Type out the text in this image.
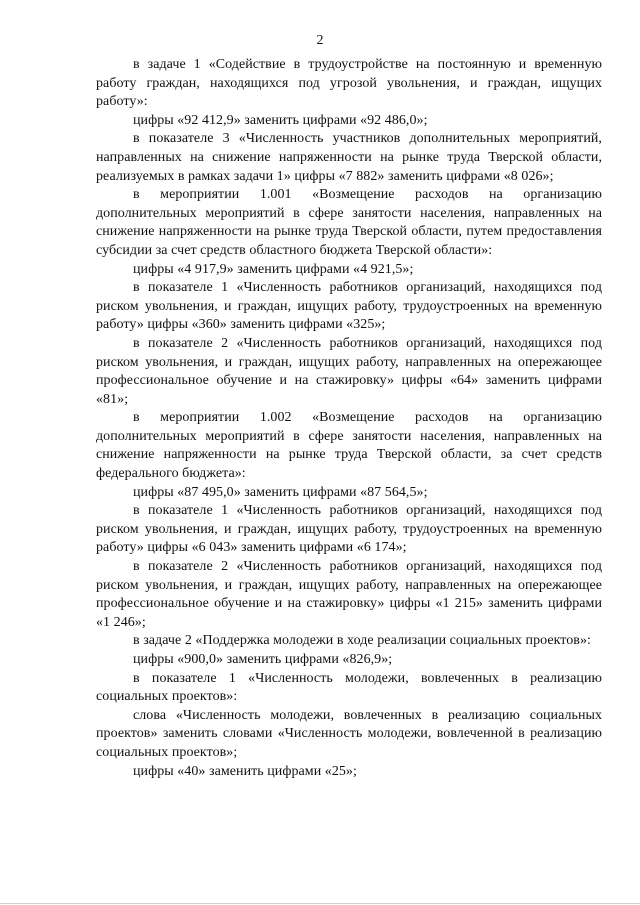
2

в задаче 1 «Содействие в трудоустройстве на постоянную и временную работу граждан, находящихся под угрозой увольнения, и граждан, ищущих работу»:

цифры «92 412,9» заменить цифрами «92 486,0»;

в показателе 3 «Численность участников дополнительных мероприятий, направленных на снижение напряженности на рынке труда Тверской области, реализуемых в рамках задачи 1» цифры «7 882» заменить цифрами «8 026»;

в мероприятии 1.001 «Возмещение расходов на организацию дополнительных мероприятий в сфере занятости населения, направленных на снижение напряженности на рынке труда Тверской области, путем предоставления субсидии за счет средств областного бюджета Тверской области»:

цифры «4 917,9» заменить цифрами «4 921,5»;

в показателе 1 «Численность работников организаций, находящихся под риском увольнения, и граждан, ищущих работу, трудоустроенных на временную работу» цифры «360» заменить цифрами «325»;

в показателе 2 «Численность работников организаций, находящихся под риском увольнения, и граждан, ищущих работу, направленных на опережающее профессиональное обучение и на стажировку» цифры «64» заменить цифрами «81»;

в мероприятии 1.002 «Возмещение расходов на организацию дополнительных мероприятий в сфере занятости населения, направленных на снижение напряженности на рынке труда Тверской области, за счет средств федерального бюджета»:

цифры «87 495,0» заменить цифрами «87 564,5»;

в показателе 1 «Численность работников организаций, находящихся под риском увольнения, и граждан, ищущих работу, трудоустроенных на временную работу» цифры «6 043» заменить цифрами «6 174»;

в показателе 2 «Численность работников организаций, находящихся под риском увольнения, и граждан, ищущих работу, направленных на опережающее профессиональное обучение и на стажировку» цифры «1 215» заменить цифрами «1 246»;

в задаче 2 «Поддержка молодежи в ходе реализации социальных проектов»:

цифры «900,0» заменить цифрами «826,9»;

в показателе 1 «Численность молодежи, вовлеченных в реализацию социальных проектов»:

слова «Численность молодежи, вовлеченных в реализацию социальных проектов» заменить словами «Численность молодежи, вовлеченной в реализацию социальных проектов»;

цифры «40» заменить цифрами «25»;
